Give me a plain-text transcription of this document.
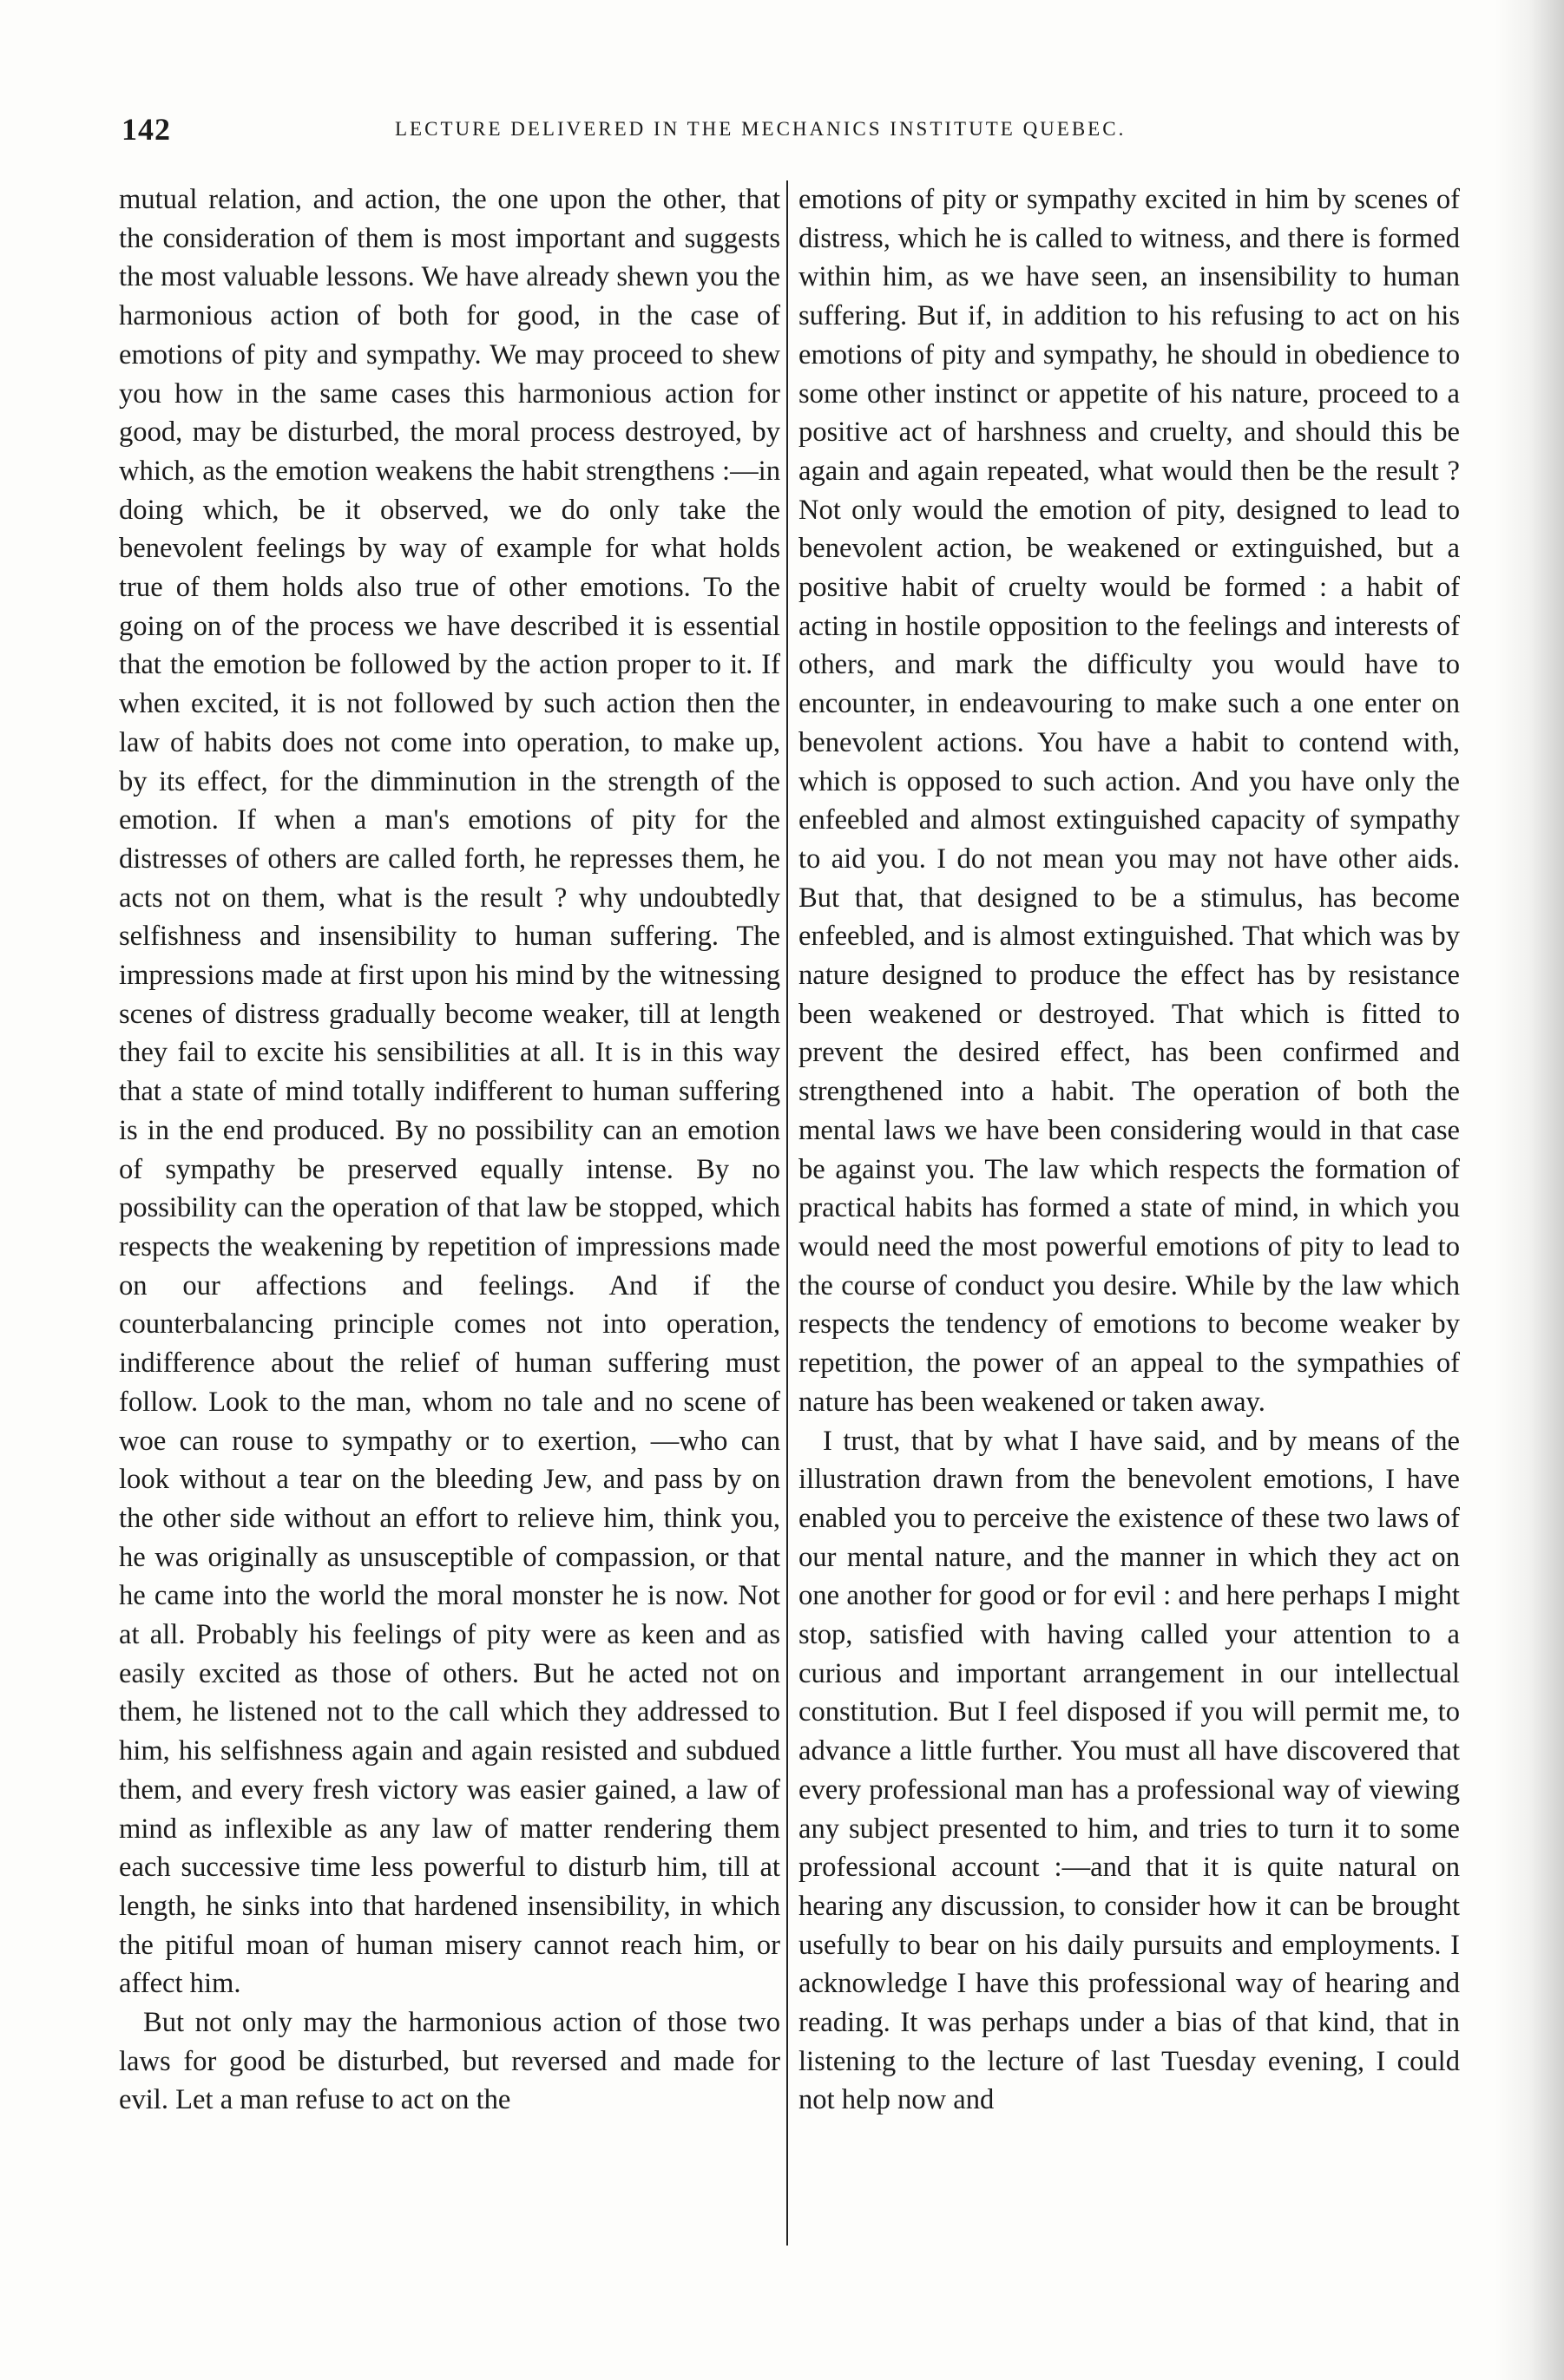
142	LECTURE DELIVERED IN THE MECHANICS INSTITUTE QUEBEC.

mutual relation, and action, the one upon the other, that the consideration of them is most important and suggests the most valuable lessons. We have already shewn you the harmonious action of both for good, in the case of emotions of pity and sympathy. We may proceed to shew you how in the same cases this harmonious action for good, may be disturbed, the moral process destroyed, by which, as the emotion weakens the habit strengthens :—in doing which, be it observed, we do only take the benevolent feelings by way of example for what holds true of them holds also true of other emotions. To the going on of the process we have described it is essential that the emotion be followed by the action proper to it. If when excited, it is not followed by such action then the law of habits does not come into operation, to make up, by its effect, for the dimminution in the strength of the emotion. If when a man's emotions of pity for the distresses of others are called forth, he represses them, he acts not on them, what is the result ? why undoubtedly selfishness and insensibility to human suffering. The impressions made at first upon his mind by the witnessing scenes of distress gradually become weaker, till at length they fail to excite his sensibilities at all. It is in this way that a state of mind totally indifferent to human suffering is in the end produced. By no possibility can an emotion of sympathy be preserved equally intense. By no possibility can the operation of that law be stopped, which respects the weakening by repetition of impressions made on our affections and feelings. And if the counterbalancing principle comes not into operation, indifference about the relief of human suffering must follow. Look to the man, whom no tale and no scene of woe can rouse to sympathy or to exertion, —who can look without a tear on the bleeding Jew, and pass by on the other side without an effort to relieve him, think you, he was originally as unsusceptible of compassion, or that he came into the world the moral monster he is now. Not at all. Probably his feelings of pity were as keen and as easily excited as those of others. But he acted not on them, he listened not to the call which they addressed to him, his selfishness again and again resisted and subdued them, and every fresh victory was easier gained, a law of mind as inflexible as any law of matter rendering them each successive time less powerful to disturb him, till at length, he sinks into that hardened insensibility, in which the pitiful moan of human misery cannot reach him, or affect him.

But not only may the harmonious action of those two laws for good be disturbed, but reversed and made for evil. Let a man refuse to act on the

emotions of pity or sympathy excited in him by scenes of distress, which he is called to witness, and there is formed within him, as we have seen, an insensibility to human suffering. But if, in addition to his refusing to act on his emotions of pity and sympathy, he should in obedience to some other instinct or appetite of his nature, proceed to a positive act of harshness and cruelty, and should this be again and again repeated, what would then be the result ? Not only would the emotion of pity, designed to lead to benevolent action, be weakened or extinguished, but a positive habit of cruelty would be formed : a habit of acting in hostile opposition to the feelings and interests of others, and mark the difficulty you would have to encounter, in endeavouring to make such a one enter on benevolent actions. You have a habit to contend with, which is opposed to such action. And you have only the enfeebled and almost extinguished capacity of sympathy to aid you. I do not mean you may not have other aids. But that, that designed to be a stimulus, has become enfeebled, and is almost extinguished. That which was by nature designed to produce the effect has by resistance been weakened or destroyed. That which is fitted to prevent the desired effect, has been confirmed and strengthened into a habit. The operation of both the mental laws we have been considering would in that case be against you. The law which respects the formation of practical habits has formed a state of mind, in which you would need the most powerful emotions of pity to lead to the course of conduct you desire. While by the law which respects the tendency of emotions to become weaker by repetition, the power of an appeal to the sympathies of nature has been weakened or taken away.

I trust, that by what I have said, and by means of the illustration drawn from the benevolent emotions, I have enabled you to perceive the existence of these two laws of our mental nature, and the manner in which they act on one another for good or for evil : and here perhaps I might stop, satisfied with having called your attention to a curious and important arrangement in our intellectual constitution. But I feel disposed if you will permit me, to advance a little further. You must all have discovered that every professional man has a professional way of viewing any subject presented to him, and tries to turn it to some professional account :—and that it is quite natural on hearing any discussion, to consider how it can be brought usefully to bear on his daily pursuits and employments. I acknowledge I have this professional way of hearing and reading. It was perhaps under a bias of that kind, that in listening to the lecture of last Tuesday evening, I could not help now and
